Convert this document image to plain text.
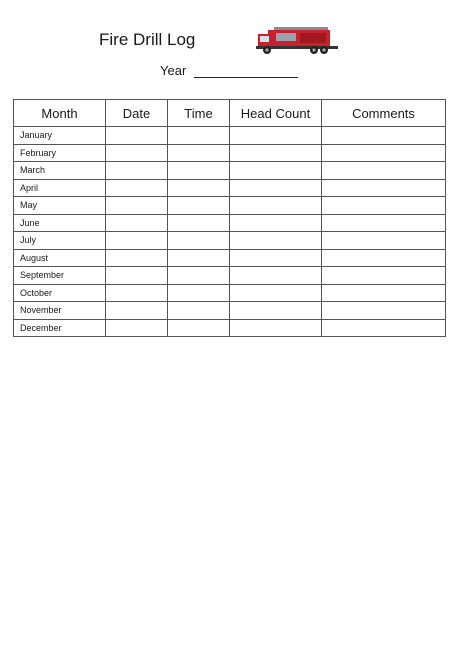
Fire Drill Log
Year
Month	Date	Time	Head Count	Comments
January				
February				
March				
April				
May				
June				
July				
August				
September				
October				
November				
December				
